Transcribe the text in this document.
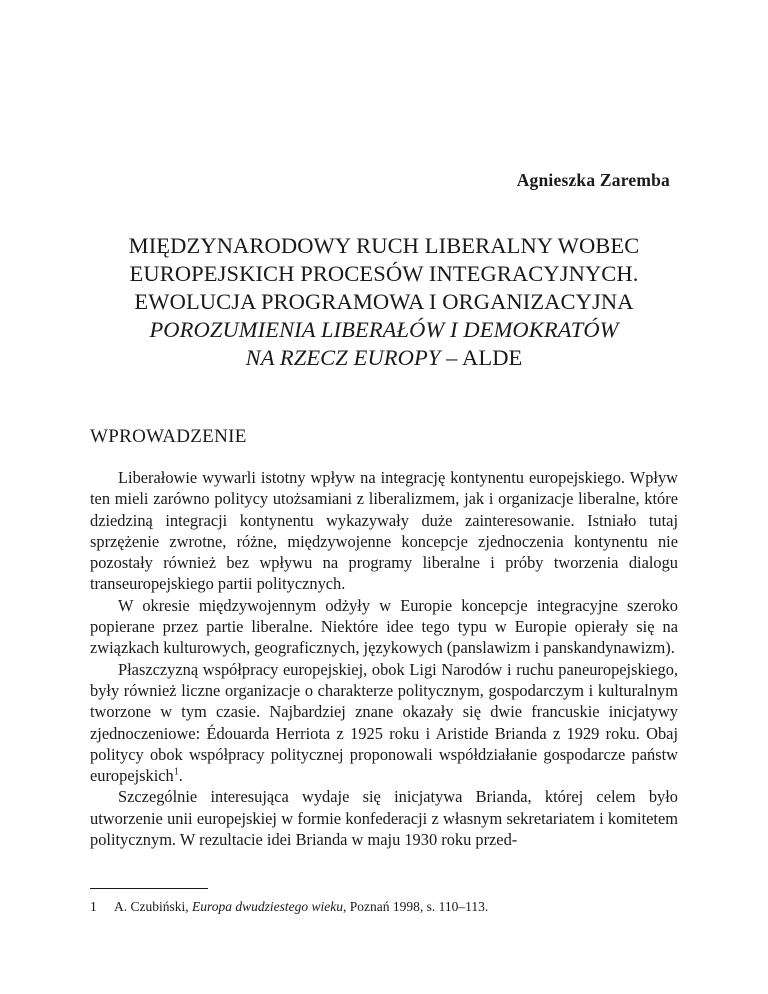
Agnieszka Zaremba
MIĘDZYNARODOWY RUCH LIBERALNY WOBEC
EUROPEJSKICH PROCESÓW INTEGRACYJNYCH.
EWOLUCJA PROGRAMOWA I ORGANIZACYJNA
POROZUMIENIA LIBERAŁÓW I DEMOKRATÓW
NA RZECZ EUROPY – ALDE
WPROWADZENIE

Liberałowie wywarli istotny wpływ na integrację kontynentu europejskiego. Wpływ ten mieli zarówno politycy utożsamiani z liberalizmem, jak i organizacje liberalne, które dziedziną integracji kontynentu wykazywały duże zainteresowanie. Istniało tutaj sprzężenie zwrotne, różne, międzywojenne koncepcje zjednoczenia kontynentu nie pozostały również bez wpływu na programy liberalne i próby tworzenia dialogu transeuropejskiego partii politycznych.

W okresie międzywojennym odżyły w Europie koncepcje integracyjne szeroko popierane przez partie liberalne. Niektóre idee tego typu w Europie opierały się na związkach kulturowych, geograficznych, językowych (panslawizm i panskandynawizm).

Płaszczyzną współpracy europejskiej, obok Ligi Narodów i ruchu paneuropejskiego, były również liczne organizacje o charakterze politycznym, gospodarczym i kulturalnym tworzone w tym czasie. Najbardziej znane okazały się dwie francuskie inicjatywy zjednoczeniowe: Édouarda Herriota z 1925 roku i Aristide Brianda z 1929 roku. Obaj politycy obok współpracy politycznej proponowali współdziałanie gospodarcze państw europejskich$^1$.

Szczególnie interesująca wydaje się inicjatywa Brianda, której celem było utworzenie unii europejskiej w formie konfederacji z własnym sekretariatem i komitetem politycznym. W rezultacie idei Brianda w maju 1930 roku przed-

1 A. Czubiński, Europa dwudziestego wieku, Poznań 1998, s. 110–113.
